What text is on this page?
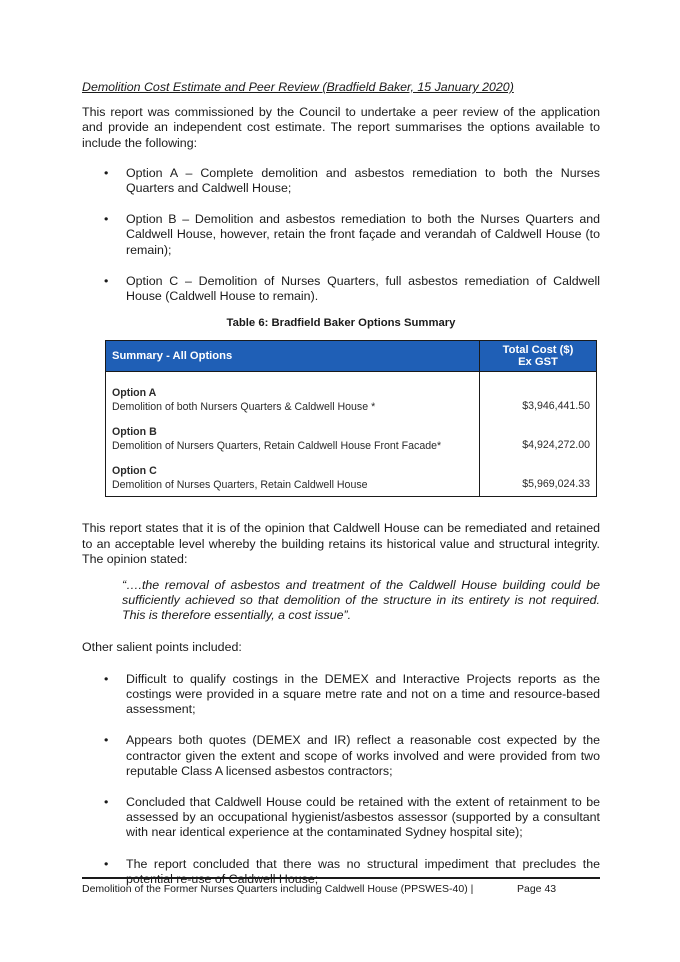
Demolition Cost Estimate and Peer Review (Bradfield Baker, 15 January 2020)

This report was commissioned by the Council to undertake a peer review of the application and provide an independent cost estimate. The report summarises the options available to include the following:

• Option A – Complete demolition and asbestos remediation to both the Nurses Quarters and Caldwell House;
• Option B – Demolition and asbestos remediation to both the Nurses Quarters and Caldwell House, however, retain the front façade and verandah of Caldwell House (to remain);
• Option C – Demolition of Nurses Quarters, full asbestos remediation of Caldwell House (Caldwell House to remain).

Table 6: Bradfield Baker Options Summary

Summary - All Options	Total Cost ($)
Ex GST

Option A
Demolition of both Nursers Quarters & Caldwell House *	$3,946,441.50

Option B
Demolition of Nursers Quarters, Retain Caldwell House Front Facade*	$4,924,272.00

Option C
Demolition of Nurses Quarters, Retain Caldwell House	$5,969,024.33

This report states that it is of the opinion that Caldwell House can be remediated and retained to an acceptable level whereby the building retains its historical value and structural integrity. The opinion stated:

“….the removal of asbestos and treatment of the Caldwell House building could be sufficiently achieved so that demolition of the structure in its entirety is not required. This is therefore essentially, a cost issue”.

Other salient points included:

• Difficult to qualify costings in the DEMEX and Interactive Projects reports as the costings were provided in a square metre rate and not on a time and resource-based assessment;
• Appears both quotes (DEMEX and IR) reflect a reasonable cost expected by the contractor given the extent and scope of works involved and were provided from two reputable Class A licensed asbestos contractors;
• Concluded that Caldwell House could be retained with the extent of retainment to be assessed by an occupational hygienist/asbestos assessor (supported by a consultant with near identical experience at the contaminated Sydney hospital site);
• The report concluded that there was no structural impediment that precludes the
Demolition of the Former Nurses Quarters including Caldwell House (PPSWES-40) |	Page 43
